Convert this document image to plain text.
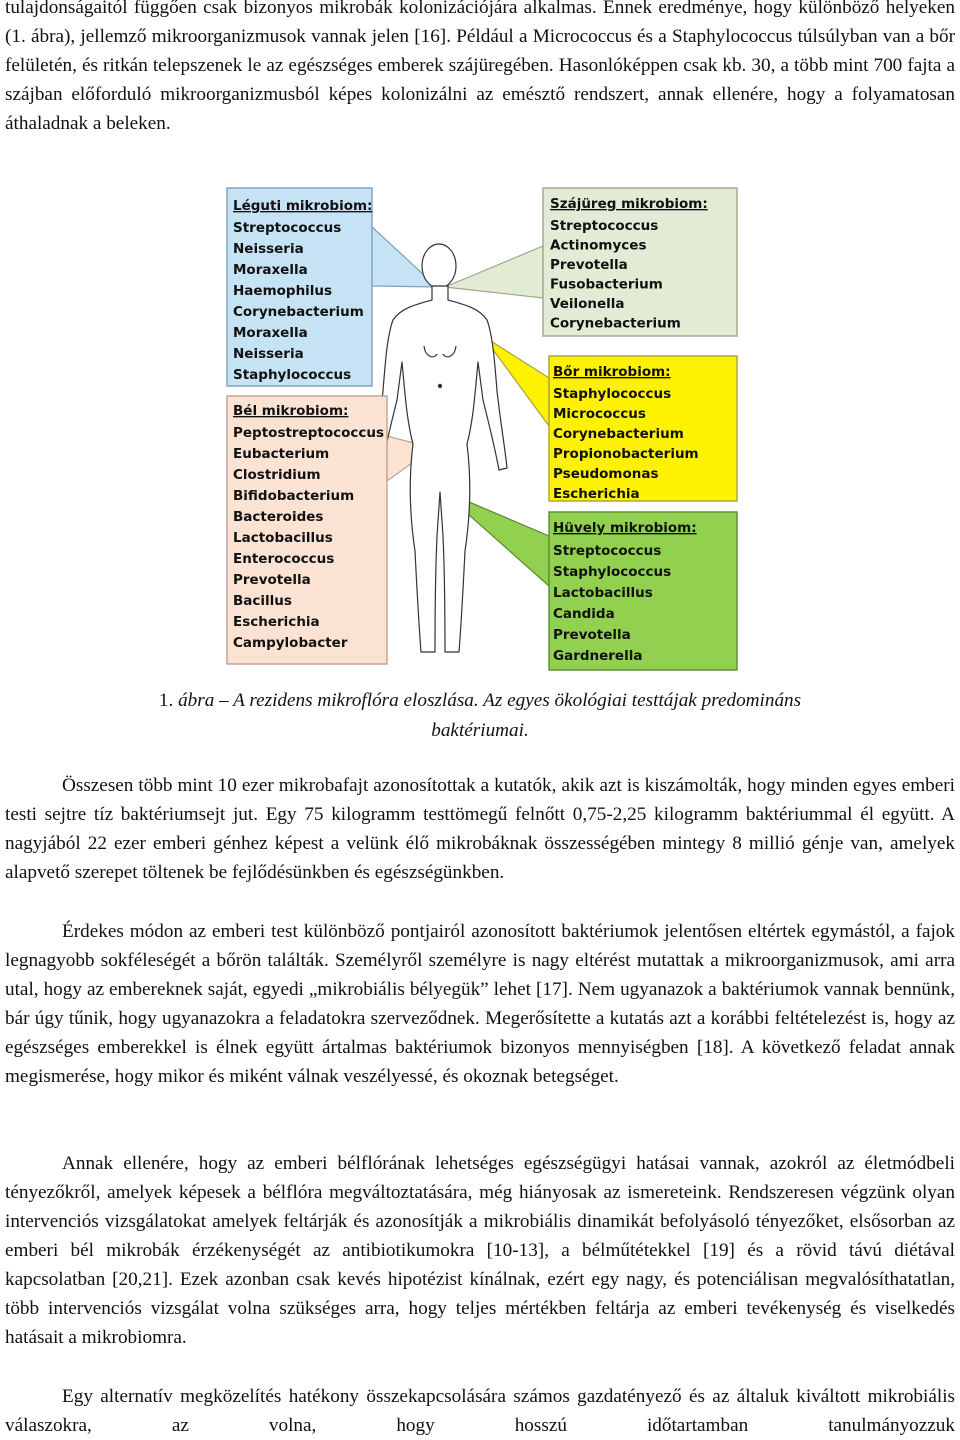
tulajdonságaitól függően csak bizonyos mikrobák kolonizációjára alkalmas. Ennek eredménye, hogy különböző helyeken (1. ábra), jellemző mikroorganizmusok vannak jelen [16]. Például a Micrococcus és a Staphylococcus túlsúlyban van a bőr felületén, és ritkán telepszenek le az egészséges emberek szájüregében. Hasonlóképpen csak kb. 30, a több mint 700 fajta a szájban előforduló mikroorganizmusból képes kolonizálni az emésztő rendszert, annak ellenére, hogy a folyamatosan áthaladnak a beleken.

Léguti mikrobiom:
Streptococcus
Neisseria
Moraxella
Haemophilus
Corynebacterium
Moraxella
Neisseria
Staphylococcus
Bél mikrobiom:
Peptostreptococcus
Eubacterium
Clostridium
Bifidobacterium
Bacteroides
Lactobacillus
Enterococcus
Prevotella
Bacillus
Escherichia
Campylobacter
Szájüreg mikrobiom:
Streptococcus
Actinomyces
Prevotella
Fusobacterium
Veilonella
Corynebacterium
Bőr mikrobiom:
Staphylococcus
Micrococcus
Corynebacterium
Propionobacterium
Pseudomonas
Escherichia
Hüvely mikrobiom:
Streptococcus
Staphylococcus
Lactobacillus
Candida
Prevotella
Gardnerella
1. ábra – A rezidens mikroflóra eloszlása. Az egyes ökológiai testtájak predomináns
baktériumai.

Összesen több mint 10 ezer mikrobafajt azonosítottak a kutatók, akik azt is kiszámolták, hogy minden egyes emberi testi sejtre tíz baktériumsejt jut. Egy 75 kilogramm testtömegű felnőtt 0,75-2,25 kilogramm baktériummal él együtt. A nagyjából 22 ezer emberi génhez képest a velünk élő mikrobáknak összességében mintegy 8 millió génje van, amelyek alapvető szerepet töltenek be fejlődésünkben és egészségünkben.

Érdekes módon az emberi test különböző pontjairól azonosított baktériumok jelentősen eltértek egymástól, a fajok legnagyobb sokféleségét a bőrön találták. Személyről személyre is nagy eltérést mutattak a mikroorganizmusok, ami arra utal, hogy az embereknek saját, egyedi „mikrobiális bélyegük” lehet [17]. Nem ugyanazok a baktériumok vannak bennünk, bár úgy tűnik, hogy ugyanazokra a feladatokra szerveződnek. Megerősítette a kutatás azt a korábbi feltételezést is, hogy az egészséges emberekkel is élnek együtt ártalmas baktériumok bizonyos mennyiségben [18]. A következő feladat annak megismerése, hogy mikor és miként válnak veszélyessé, és okoznak betegséget.

Annak ellenére, hogy az emberi bélflórának lehetséges egészségügyi hatásai vannak, azokról az életmódbeli tényezőkről, amelyek képesek a bélflóra megváltoztatására, még hiányosak az ismereteink. Rendszeresen végzünk olyan intervenciós vizsgálatokat amelyek feltárják és azonosítják a mikrobiális dinamikát befolyásoló tényezőket, elsősorban az emberi bél mikrobák érzékenységét az antibiotikumokra [10-13], a bélműtétekkel [19] és a rövid távú diétával kapcsolatban [20,21]. Ezek azonban csak kevés hipotézist kínálnak, ezért egy nagy, és potenciálisan megvalósíthatatlan, több intervenciós vizsgálat volna szükséges arra, hogy teljes mértékben feltárja az emberi tevékenység és viselkedés hatásait a mikrobiomra.

Egy alternatív megközelítés hatékony összekapcsolására számos gazdatényező és az általuk kiváltott mikrobiális válaszokra, az volna, hogy hosszú időtartamban tanulmányozzuk
